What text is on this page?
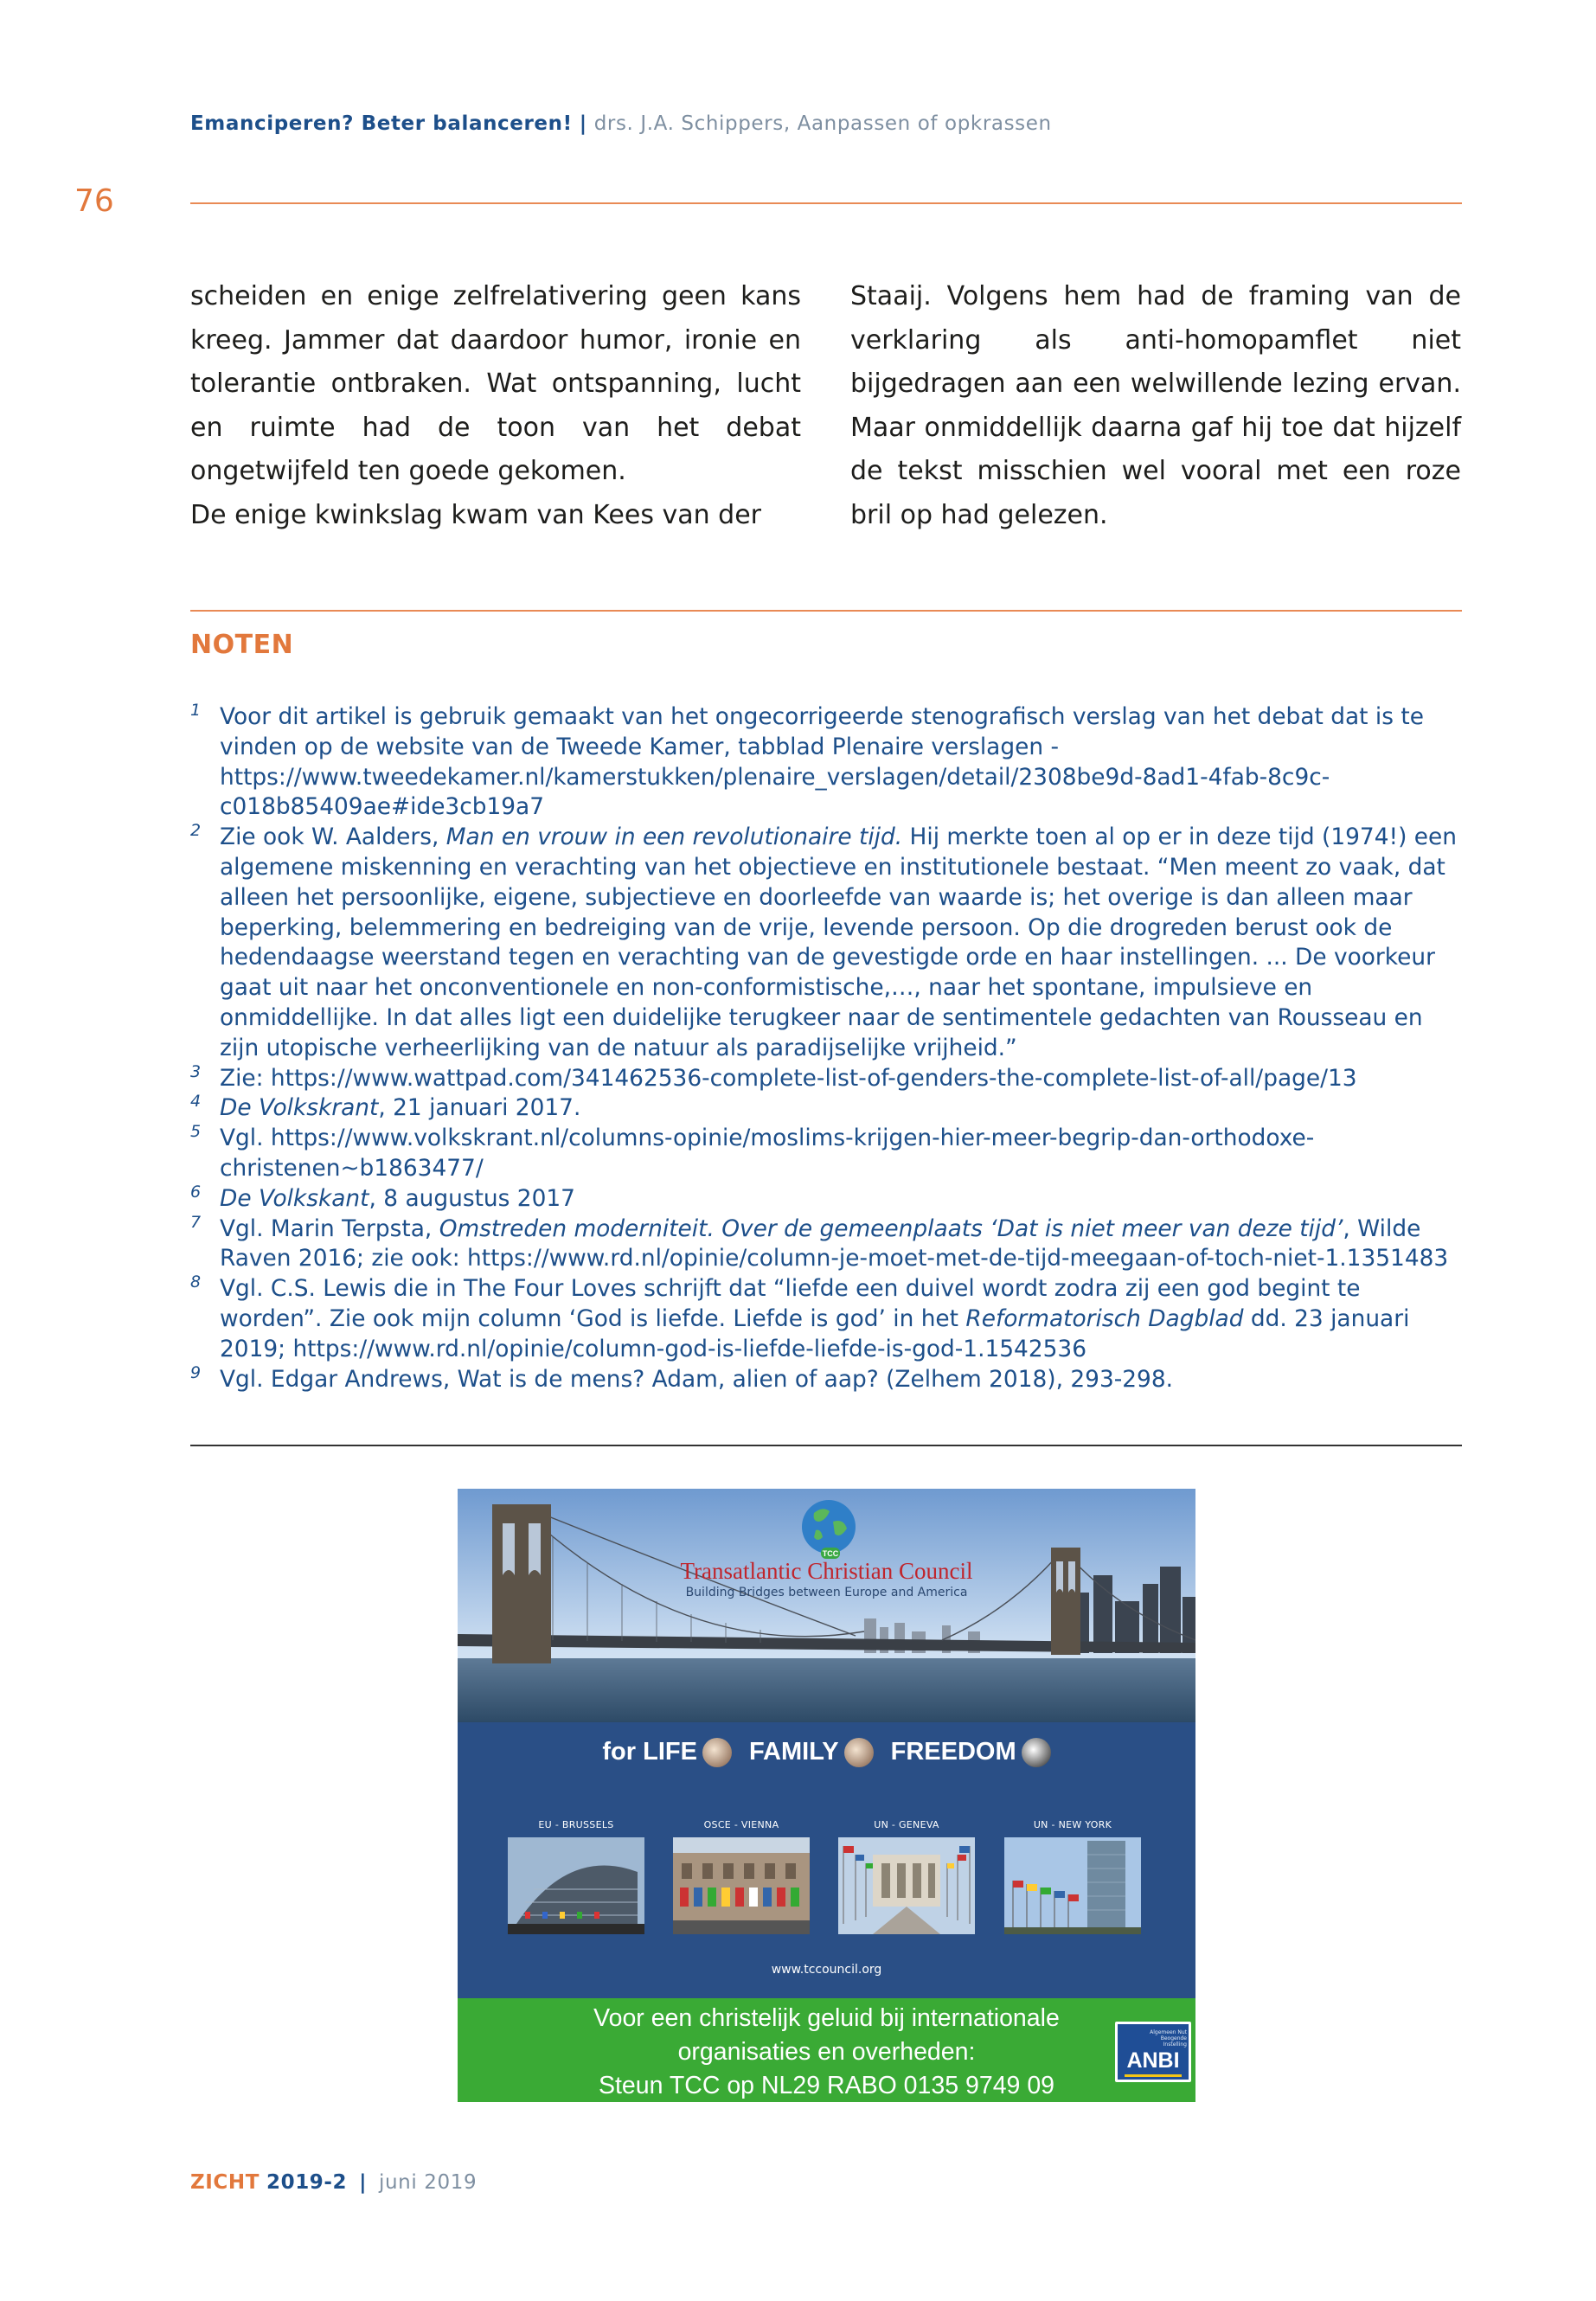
Emanciperen? Beter balanceren! | drs. J.A. Schippers, Aanpassen of opkrassen
76

scheiden en enige zelfrelativering geen kans kreeg. Jammer dat daardoor humor, ironie en tolerantie ontbraken. Wat ontspanning, lucht en ruimte had de toon van het debat ongetwijfeld ten goede gekomen.

De enige kwinkslag kwam van Kees van der

Staaij. Volgens hem had de framing van de verklaring als anti-homopamflet niet bijgedragen aan een welwillende lezing ervan. Maar onmiddellijk daarna gaf hij toe dat hijzelf de tekst misschien wel vooral met een roze bril op had gelezen.

NOTEN
1 Voor dit artikel is gebruik gemaakt van het ongecorrigeerde stenografisch verslag van het debat dat is te vinden op de website van de Tweede Kamer, tabblad Plenaire verslagen - https://www.tweedekamer.nl/kamerstukken/plenaire_verslagen/detail/2308be9d-8ad1-4fab-8c9c-c018b85409ae#ide3cb19a7
2 Zie ook W. Aalders, Man en vrouw in een revolutionaire tijd. Hij merkte toen al op er in deze tijd (1974!) een algemene miskenning en verachting van het objectieve en institutionele bestaat. “Men meent zo vaak, dat alleen het persoonlijke, eigene, subjectieve en doorleefde van waarde is; het overige is dan alleen maar beperking, belemmering en bedreiging van de vrije, levende persoon. Op die drogreden berust ook de hedendaagse weerstand tegen en verachting van de gevestigde orde en haar instellingen. ... De voorkeur gaat uit naar het onconventionele en non-conformistische,…, naar het spontane, impulsieve en onmiddellijke. In dat alles ligt een duidelijke terugkeer naar de sentimentele gedachten van Rousseau en zijn utopische verheerlijking van de natuur als paradijselijke vrijheid.”
3 Zie: https://www.wattpad.com/341462536-complete-list-of-genders-the-complete-list-of-all/page/13
4 De Volkskrant, 21 januari 2017.
5 Vgl. https://www.volkskrant.nl/columns-opinie/moslims-krijgen-hier-meer-begrip-dan-orthodoxe-christenen~b1863477/
6 De Volkskant, 8 augustus 2017
7 Vgl. Marin Terpsta, Omstreden moderniteit. Over de gemeenplaats ‘Dat is niet meer van deze tijd’, Wilde Raven 2016; zie ook: https://www.rd.nl/opinie/column-je-moet-met-de-tijd-meegaan-of-toch-niet-1.1351483
8 Vgl. C.S. Lewis die in The Four Loves schrijft dat “liefde een duivel wordt zodra zij een god begint te worden”. Zie ook mijn column ‘God is liefde. Liefde is god’ in het Reformatorisch Dagblad dd. 23 januari 2019; https://www.rd.nl/opinie/column-god-is-liefde-liefde-is-god-1.1542536
9 Vgl. Edgar Andrews, Wat is de mens? Adam, alien of aap? (Zelhem 2018), 293-298.
TCC
Transatlantic Christian Council
Building Bridges between Europe and America
for LIFE	FAMILY	FREEDOM
EU - BRUSSELS	OSCE - VIENNA	UN - GENEVA	UN - NEW YORK
www.tccouncil.org
Voor een christelijk geluid bij internationale
organisaties en overheden:
Steun TCC op NL29 RABO 0135 9749 09
Algemeen Nut Beogende Instelling
ANBI
ZICHT 2019-2 | juni 2019
